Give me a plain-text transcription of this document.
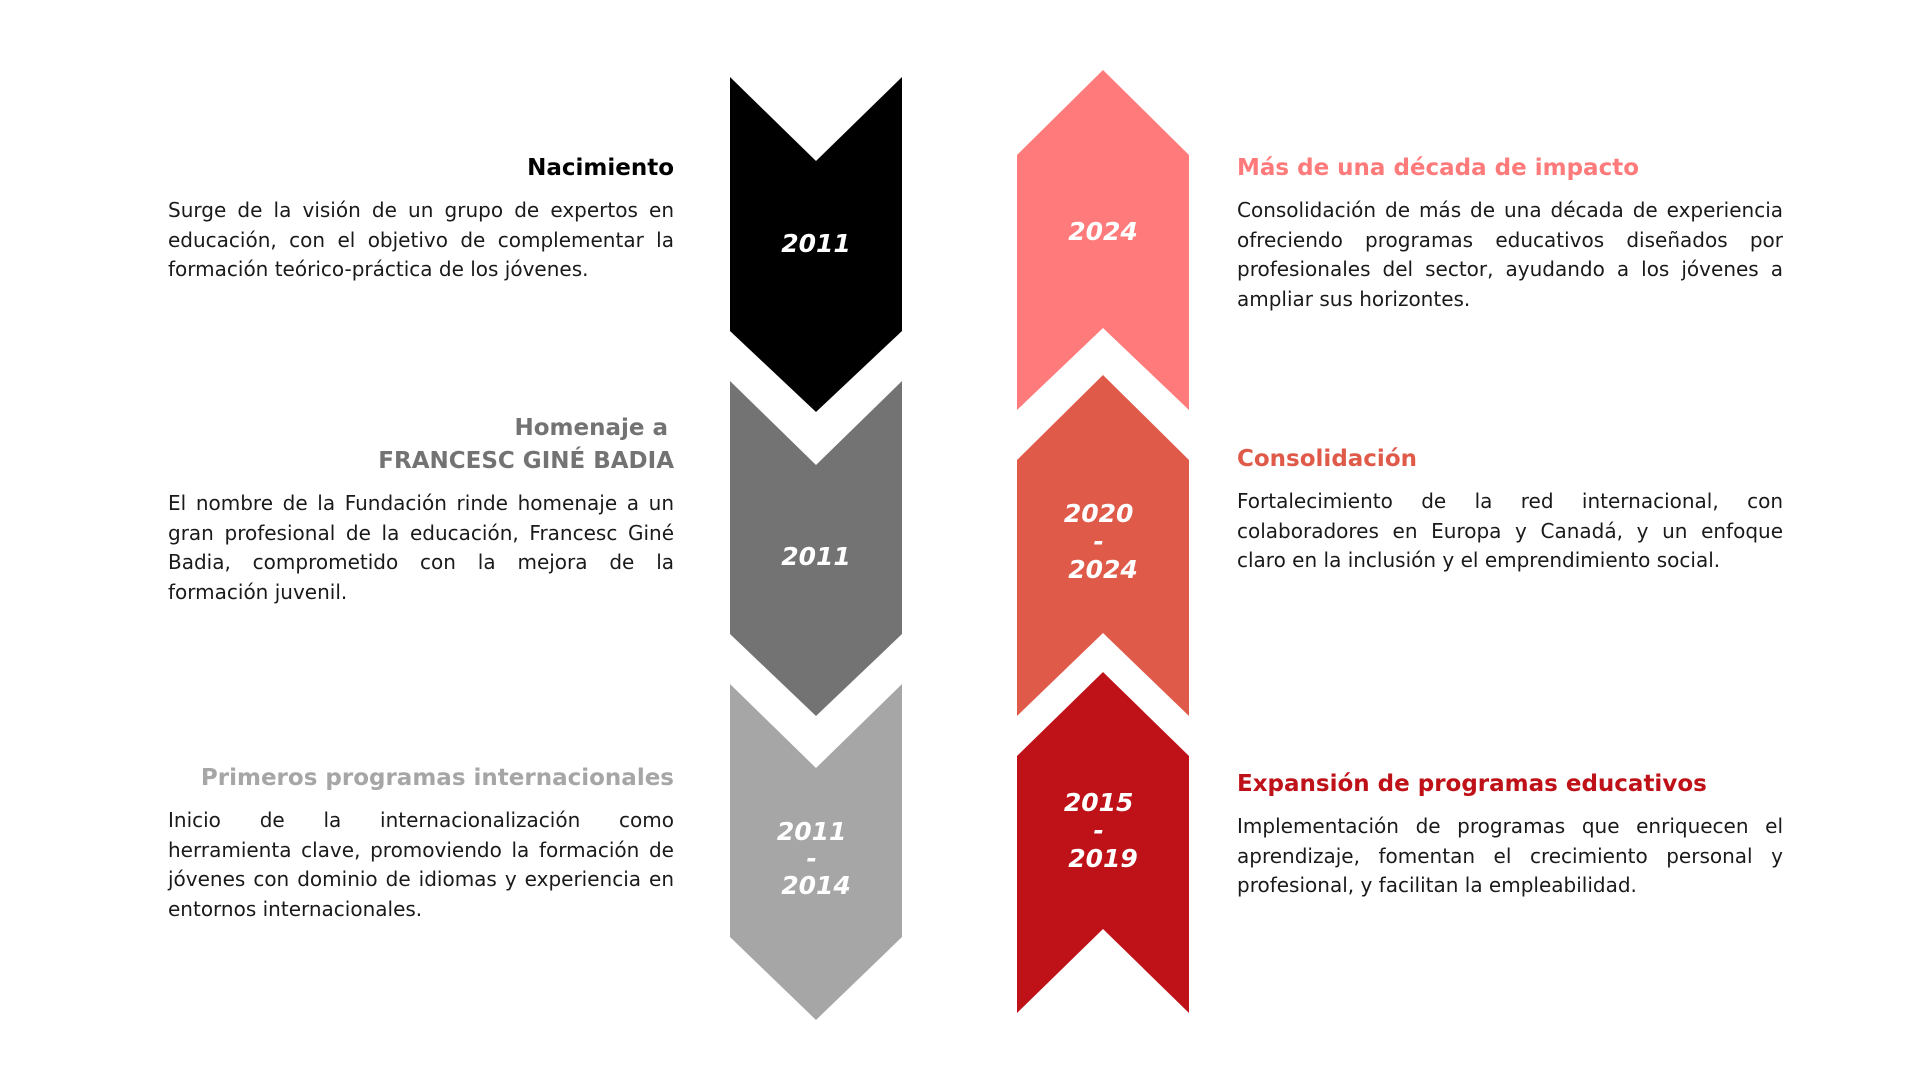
2011
2011
2011 - 2014
2024
2020 - 2024
2015 - 2019
Nacimiento

Surge de la visión de un grupo de expertos en educación, con el objetivo de complementar la formación teórico-práctica de los jóvenes.

Homenaje a
FRANCESC GINÉ BADIA

El nombre de la Fundación rinde homenaje a un gran profesional de la educación, Francesc Giné Badia, comprometido con la mejora de la formación juvenil.

Primeros programas internacionales

Inicio de la internacionalización como herramienta clave, promoviendo la formación de jóvenes con dominio de idiomas y experiencia en entornos internacionales.

Más de una década de impacto

Consolidación de más de una década de experiencia ofreciendo programas educativos diseñados por profesionales del sector, ayudando a los jóvenes a ampliar sus horizontes.

Consolidación

Fortalecimiento de la red internacional, con colaboradores en Europa y Canadá, y un enfoque claro en la inclusión y el emprendimiento social.

Expansión de programas educativos

Implementación de programas que enriquecen el aprendizaje, fomentan el crecimiento personal y profesional, y facilitan la empleabilidad.
